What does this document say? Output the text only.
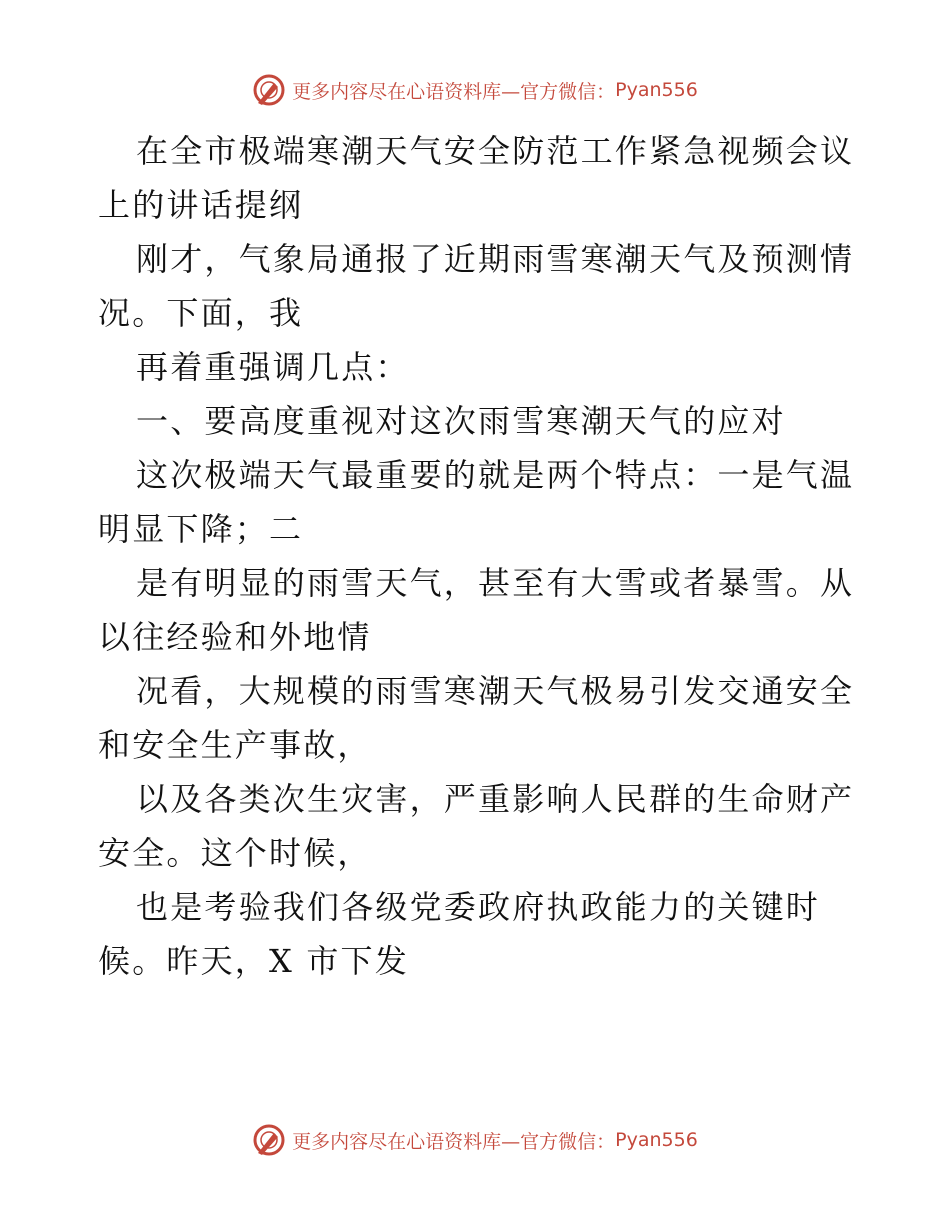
更多内容尽在心语资料库—官方微信： Pyan556

在全市极端寒潮天气安全防范工作紧急视频会议
上的讲话提纲

刚才，气象局通报了近期雨雪寒潮天气及预测情
况。下面，我

再着重强调几点：

一、要高度重视对这次雨雪寒潮天气的应对

这次极端天气最重要的就是两个特点：一是气温
明显下降；二

是有明显的雨雪天气，甚至有大雪或者暴雪。从
以往经验和外地情

况看，大规模的雨雪寒潮天气极易引发交通安全
和安全生产事故，

以及各类次生灾害，严重影响人民群的生命财产
安全。这个时候，

也是考验我们各级党委政府执政能力的关键时
候。昨天，X 市下发

更多内容尽在心语资料库—官方微信： Pyan556
